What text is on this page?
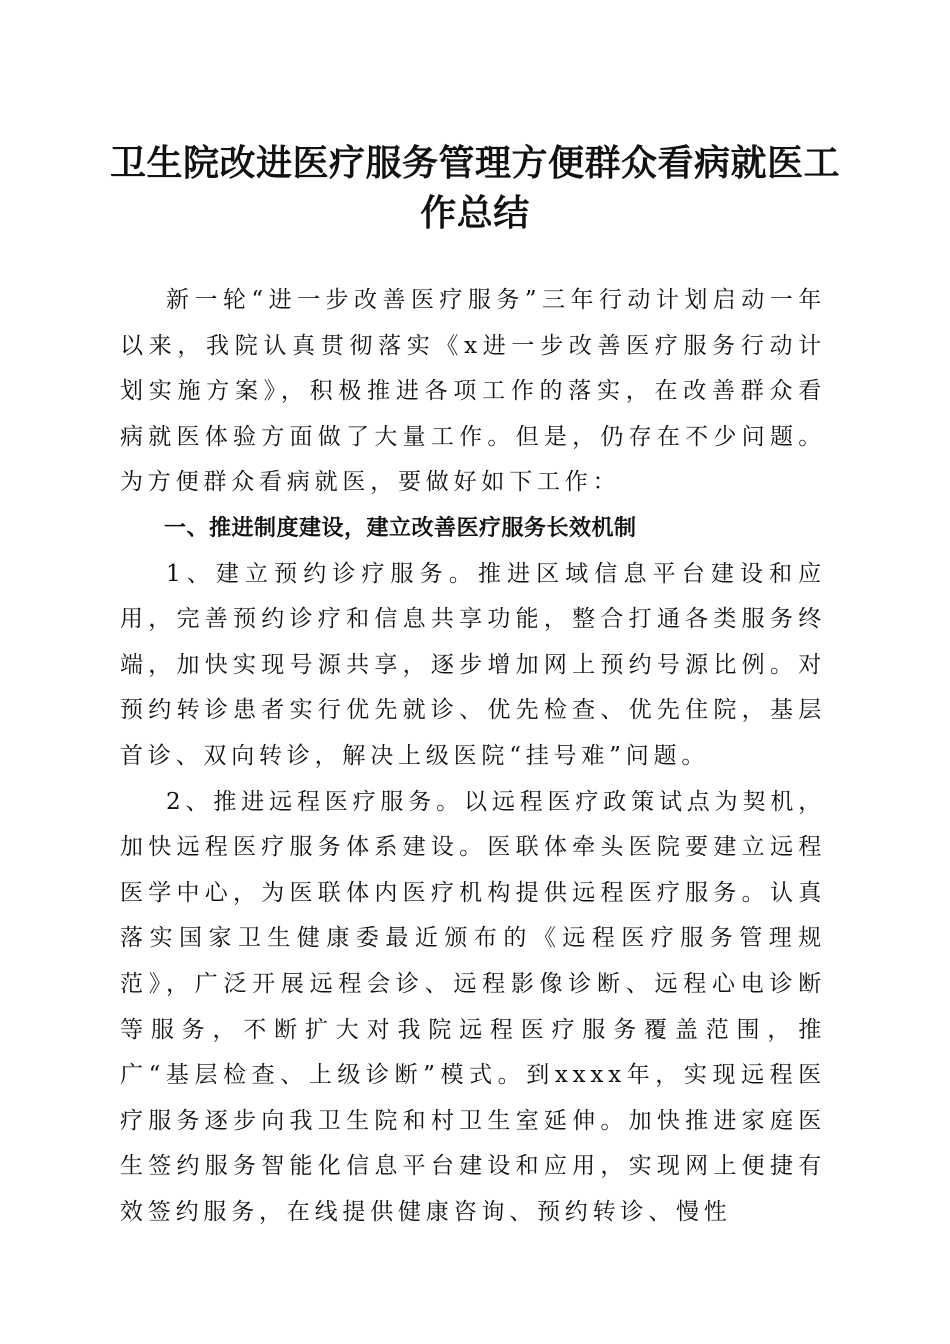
卫生院改进医疗服务管理方便群众看病就医工作总结

新一轮“进一步改善医疗服务”三年行动计划启动一年以来，我院认真贯彻落实《x进一步改善医疗服务行动计划实施方案》，积极推进各项工作的落实，在改善群众看病就医体验方面做了大量工作。但是，仍存在不少问题。为方便群众看病就医，要做好如下工作：

一、推进制度建设，建立改善医疗服务长效机制

1、建立预约诊疗服务。推进区域信息平台建设和应用，完善预约诊疗和信息共享功能，整合打通各类服务终端，加快实现号源共享，逐步增加网上预约号源比例。对预约转诊患者实行优先就诊、优先检查、优先住院，基层首诊、双向转诊，解决上级医院“挂号难”问题。

2、推进远程医疗服务。以远程医疗政策试点为契机，加快远程医疗服务体系建设。医联体牵头医院要建立远程医学中心，为医联体内医疗机构提供远程医疗服务。认真落实国家卫生健康委最近颁布的《远程医疗服务管理规范》，广泛开展远程会诊、远程影像诊断、远程心电诊断等服务，不断扩大对我院远程医疗服务覆盖范围，推广“基层检查、上级诊断”模式。到xxxx年，实现远程医疗服务逐步向我卫生院和村卫生室延伸。加快推进家庭医生签约服务智能化信息平台建设和应用，实现网上便捷有效签约服务，在线提供健康咨询、预约转诊、慢性
